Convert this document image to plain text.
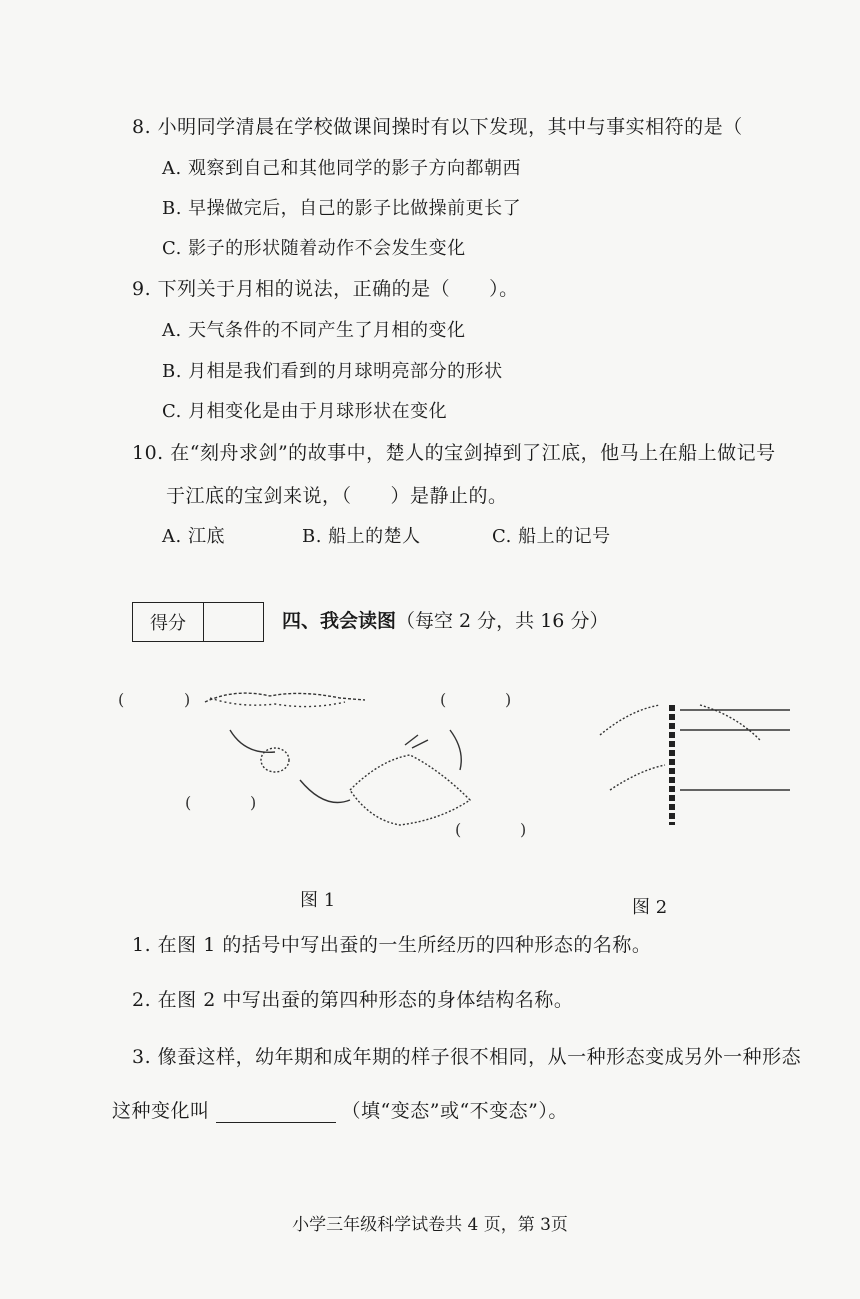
8. 小明同学清晨在学校做课间操时有以下发现，其中与事实相符的是（
A. 观察到自己和其他同学的影子方向都朝西
B. 早操做完后，自己的影子比做操前更长了
C. 影子的形状随着动作不会发生变化
9. 下列关于月相的说法，正确的是（　　）。
A. 天气条件的不同产生了月相的变化
B. 月相是我们看到的月球明亮部分的形状
C. 月相变化是由于月球形状在变化
10. 在“刻舟求剑”的故事中，楚人的宝剑掉到了江底，他马上在船上做记号
于江底的宝剑来说，（　　）是静止的。
A. 江底	B. 船上的楚人	C. 船上的记号
得分	四、我会读图（每空 2 分，共 16 分）
(	)	(	)
(	)
(	)
图 1	图 2
1. 在图 1 的括号中写出蚕的一生所经历的四种形态的名称。
2. 在图 2 中写出蚕的第四种形态的身体结构名称。
3. 像蚕这样，幼年期和成年期的样子很不相同，从一种形态变成另外一种形态
这种变化叫	（填“变态”或“不变态”）。
小学三年级科学试卷共 4 页，第 3页
